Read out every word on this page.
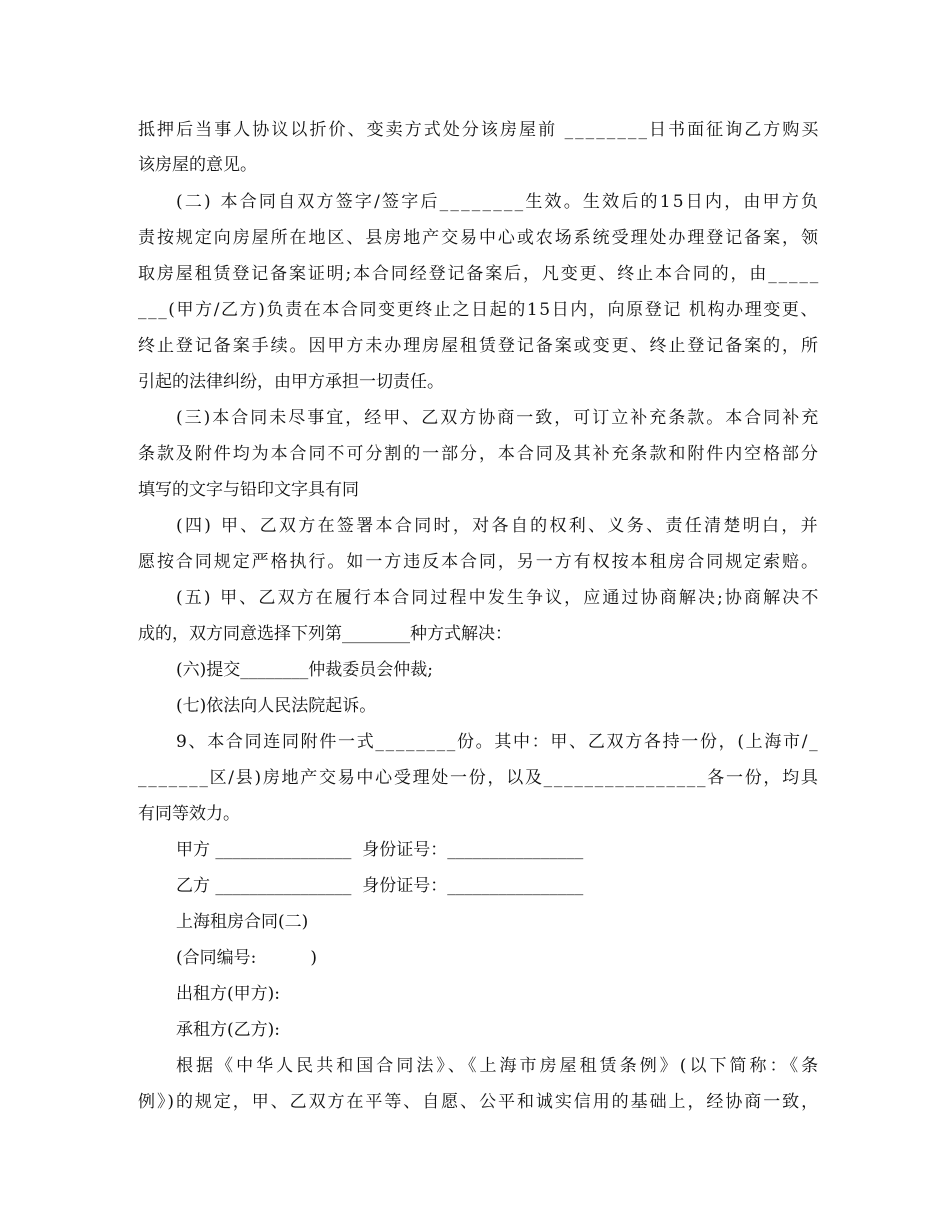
抵押后当事人协议以折价、变卖方式处分该房屋前 ________日书面征询乙方购买
该房屋的意见。
(二) 本合同自双方签字/签字后________生效。生效后的15日内，由甲方负
责按规定向房屋所在地区、县房地产交易中心或农场系统受理处办理登记备案，领
取房屋租赁登记备案证明;本合同经登记备案后，凡变更、终止本合同的，由_____
___(甲方/乙方)负责在本合同变更终止之日起的15日内，向原登记 机构办理变更、
终止登记备案手续。因甲方未办理房屋租赁登记备案或变更、终止登记备案的，所
引起的法律纠纷，由甲方承担一切责任。
(三)本合同未尽事宜，经甲、乙双方协商一致，可订立补充条款。本合同补充
条款及附件均为本合同不可分割的一部分，本合同及其补充条款和附件内空格部分
填写的文字与铅印文字具有同
(四) 甲、乙双方在签署本合同时，对各自的权利、义务、责任清楚明白，并
愿按合同规定严格执行。如一方违反本合同，另一方有权按本租房合同规定索赔。
(五) 甲、乙双方在履行本合同过程中发生争议，应通过协商解决;协商解决不
成的，双方同意选择下列第________种方式解决：
(六)提交________仲裁委员会仲裁;
(七)依法向人民法院起诉。
9、本合同连同附件一式________份。其中：甲、乙双方各持一份，(上海市/_
_______区/县)房地产交易中心受理处一份，以及________________各一份，均具
有同等效力。
甲方 ________________  身份证号：________________
乙方 ________________  身份证号：________________
上海租房合同(二)
(合同编号:          )
出租方(甲方):
承租方(乙方):
根据《中华人民共和国合同法》、《上海市房屋租赁条例》(以下简称：《条
例》)的规定，甲、乙双方在平等、自愿、公平和诚实信用的基础上，经协商一致，
